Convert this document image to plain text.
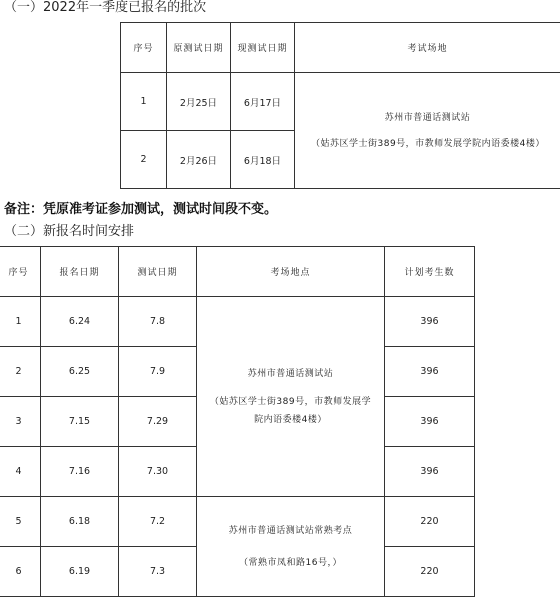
（一）2022年一季度已报名的批次
序号	原测试日期	现测试日期	考试场地
1	2月25日	6月17日	苏州市普通话测试站
（姑苏区学士街389号，市教师发展学院内语委楼4楼）

2	2月26日	6月18日	
备注：凭原准考证参加测试，测试时间段不变。
（二）新报名时间安排
序号	报名日期	测试日期	考场地点	计划考生数
1	6.24	7.8	苏州市普通话测试站
（姑苏区学士街389号，市教师发展学
院内语委楼4楼）	396
2	6.25	7.9		396
3	7.15	7.29		396
4	7.16	7.30		396
5	6.18	7.2	苏州市普通话测试站常熟考点
（常熟市凤和路16号，）	220
6	6.19	7.3		220
